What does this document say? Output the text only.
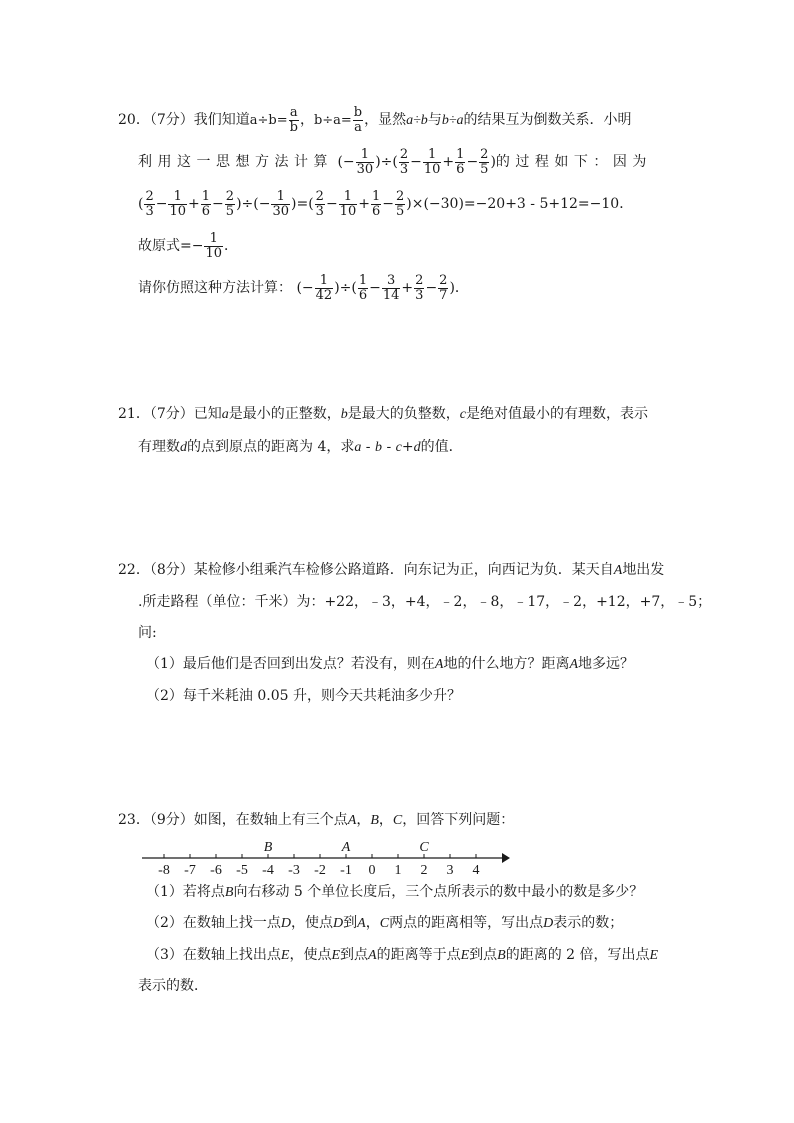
20．（7分）我们知道$a\div b= \frac{a}{b}$ ，$b\div a= \frac{b}{a}$ ，显然a÷b与b÷a的结果互为倒数关系．小明
利用这一思想方法计算 (− $\frac{1}{30}$ )÷( $\frac{2}{3} - \frac{1}{10} + \frac{1}{6} - \frac{2}{5}$ )的过程如下：因为
( $\frac{2}{3} - \frac{1}{10} + \frac{1}{6} - \frac{2}{5}$ )÷(− $\frac{1}{30}$ )=( $\frac{2}{3} - \frac{1}{10} + \frac{1}{6} - \frac{2}{5} )\times(-30)=-20+3 - 5+12=-10$．
故原式=− $\frac{1}{10}$ ．
请你仿照这种方法计算： (− $\frac{1}{42}$ )÷( $\frac{1}{6} - \frac{3}{14} + \frac{2}{3} - \frac{2}{7}$ )．
21．（7分）已知a是最小的正整数，b是最大的负整数，c是绝对值最小的有理数，表示
有理数d的点到原点的距离为 4，求a - b - c+d的值．
22．（8分）某检修小组乘汽车检修公路道路．向东记为正，向西记为负．某天自A地出发
.所走路程（单位：千米）为：+22，﹣3，+4，﹣2，﹣8，﹣17，﹣2，+12，+7，﹣5；
问:
（1）最后他们是否回到出发点？若没有，则在A地的什么地方？距离A地多远？
（2）每千米耗油 0.05 升，则今天共耗油多少升？
23．（9分）如图，在数轴上有三个点A，B，C，回答下列问题：
-8 -7 -6 -5 -4 -3 -2 -1 0 1 2 3 4
B	A	C
（1）若将点B向右移动 5 个单位长度后，三个点所表示的数中最小的数是多少？
（2）在数轴上找一点D，使点D到A，C两点的距离相等，写出点D表示的数；
（3）在数轴上找出点E，使点E到点A的距离等于点E到点B的距离的 2 倍，写出点E
表示的数．
